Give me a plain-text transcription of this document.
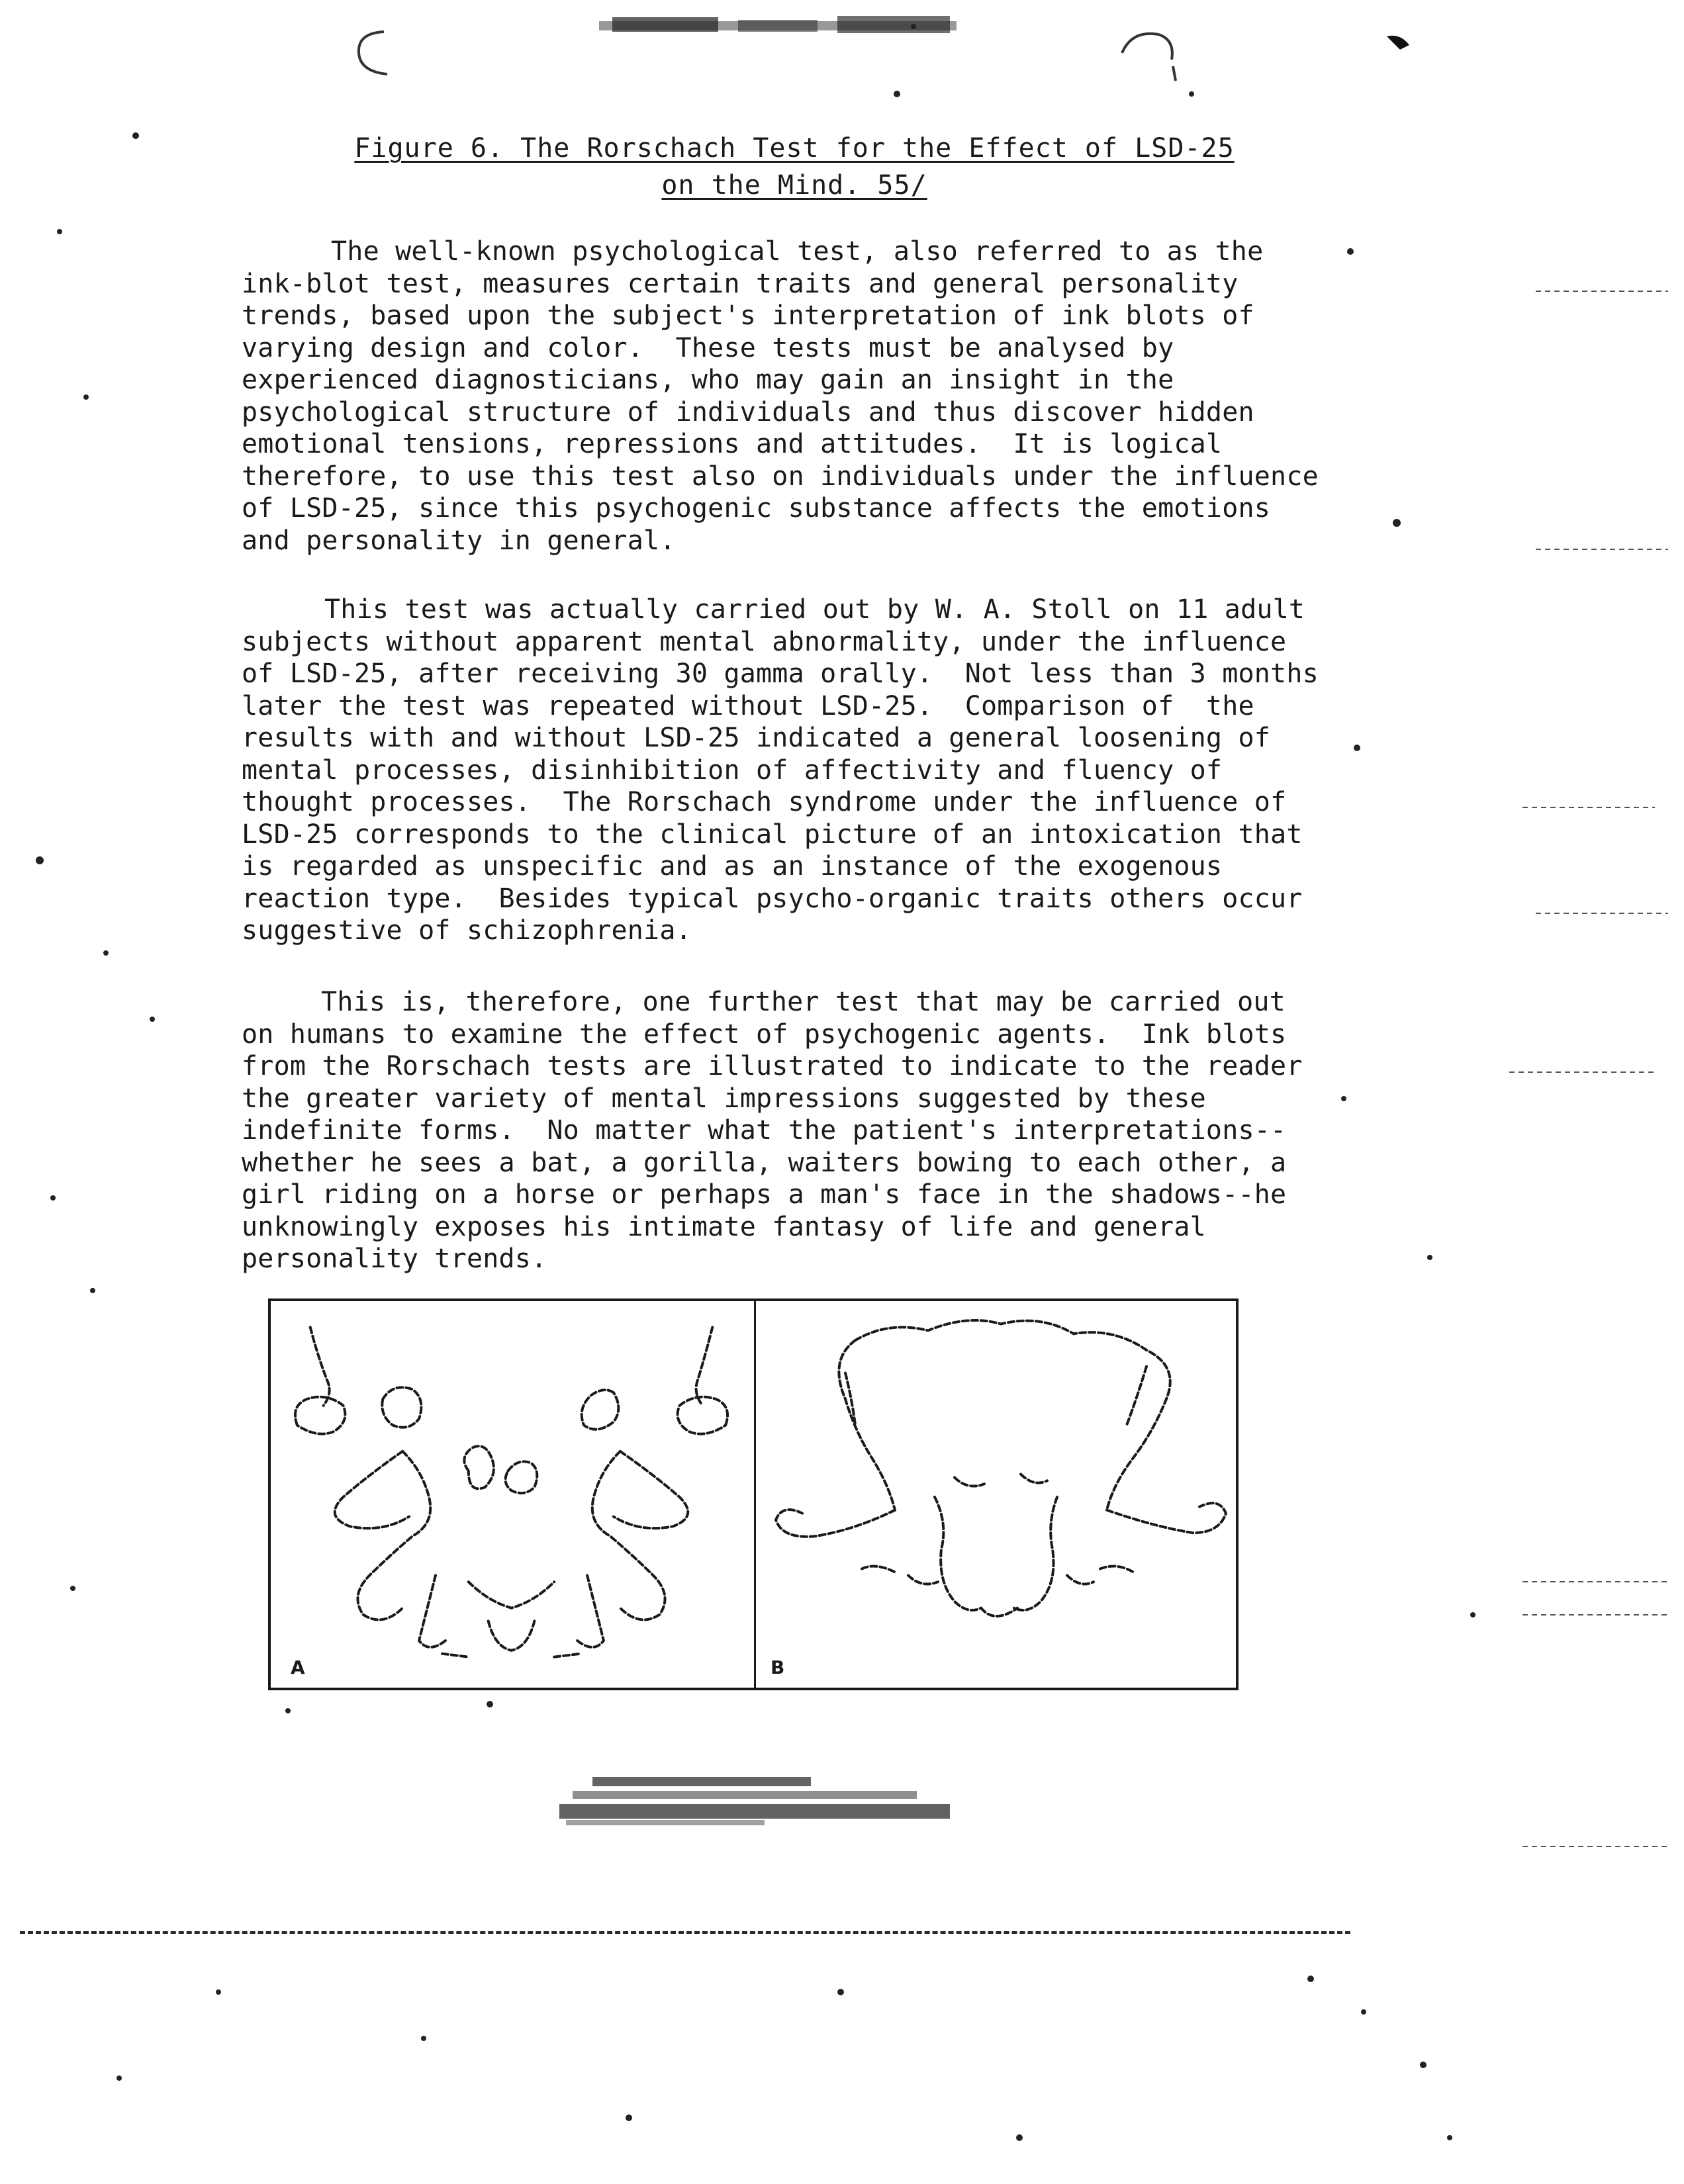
Figure 6. The Rorschach Test for the Effect of LSD-25
on the Mind. 55/
The well-known psychological test, also referred to as the ink-blot test, measures certain traits and general personality trends, based upon the subject's interpretation of ink blots of varying design and color.  These tests must be analysed by experienced diagnosticians, who may gain an insight in the psychological structure of individuals and thus discover hidden emotional tensions, repressions and attitudes.  It is logical therefore, to use this test also on individuals under the influence of LSD-25, since this psychogenic substance affects the emotions and personality in general.
This test was actually carried out by W. A. Stoll on 11 adult subjects without apparent mental abnormality, under the influence of LSD-25, after receiving 30 gamma orally.  Not less than 3 months later the test was repeated without LSD-25.  Comparison of  the results with and without LSD-25 indicated a general loosening of mental processes, disinhibition of affectivity and fluency of thought processes.  The Rorschach syndrome under the influence of LSD-25 corresponds to the clinical picture of an intoxication that is regarded as unspecific and as an instance of the exogenous reaction type.  Besides typical psycho-organic traits others occur suggestive of schizophrenia.
This is, therefore, one further test that may be carried out on humans to examine the effect of psychogenic agents.  Ink blots from the Rorschach tests are illustrated to indicate to the reader the greater variety of mental impressions suggested by these indefinite forms.  No matter what the patient's interpretations--whether he sees a bat, a gorilla, waiters bowing to each other, a girl riding on a horse or perhaps a man's face in the shadows--he unknowingly exposes his intimate fantasy of life and general personality trends.
A	B
